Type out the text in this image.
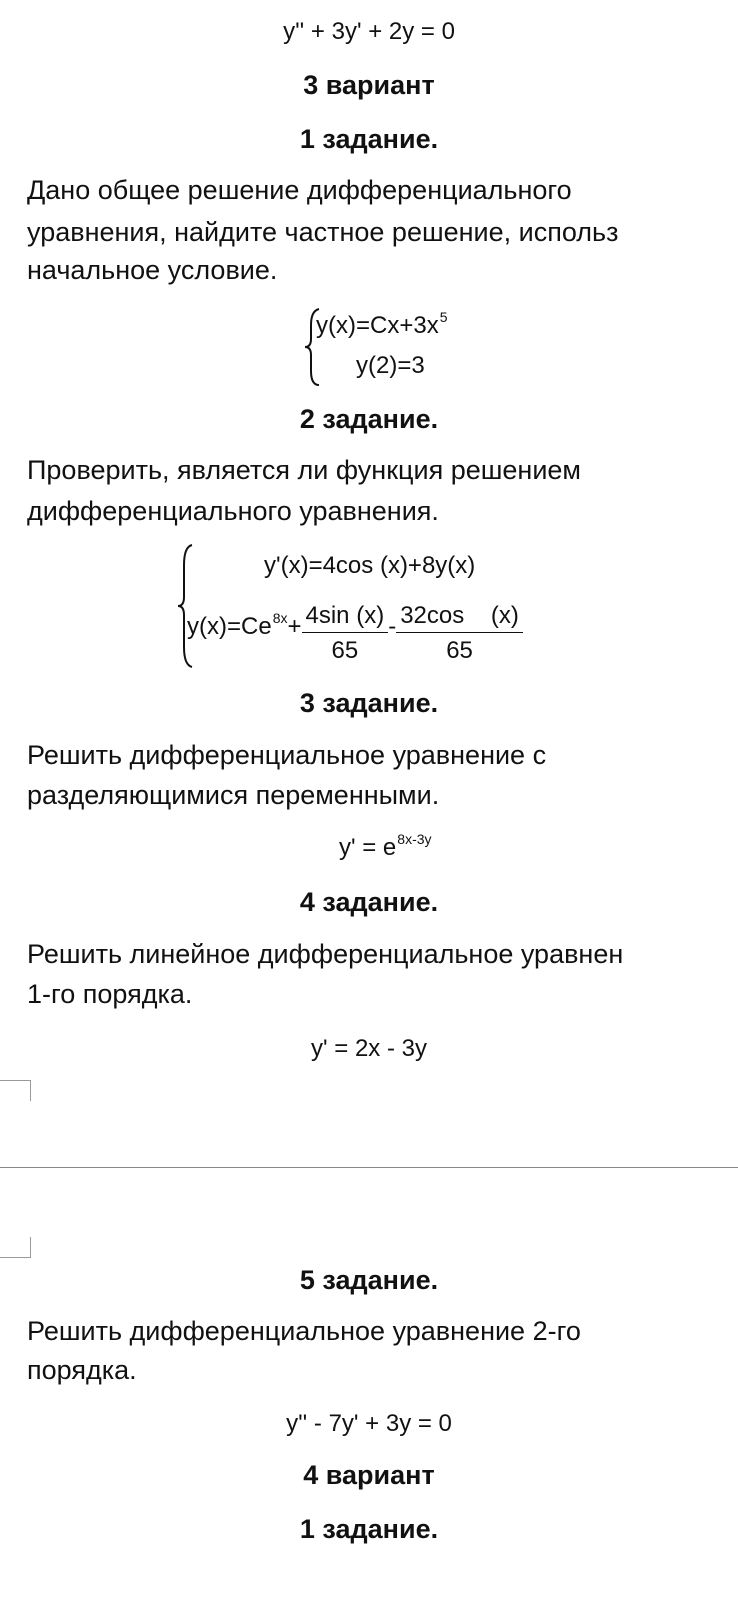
y'' + 3y' + 2y = 0
3 вариант
1 задание.
Дано общее решение дифференциального
уравнения, найдите частное решение, использ
начальное условие.
$y(x)=Cx+3x^5$
y(2)=3
2 задание.
Проверить, является ли функция решением
дифференциального уравнения.
y'(x)=4cos (x)+8y(x)
$y(x)=Ce^{8x}+ \frac{4\sin (x)}{65} - \frac{32\cos (x)}{65}$
3 задание.
Решить дифференциальное уравнение с
разделяющимися переменными.
$y' = e^{8x-3y}$
4 задание.
Решить линейное дифференциальное уравнен
1-го порядка.
y' = 2x - 3y
5 задание.
Решить дифференциальное уравнение 2-го
порядка.
y'' - 7y' + 3y = 0
4 вариант
1 задание.
